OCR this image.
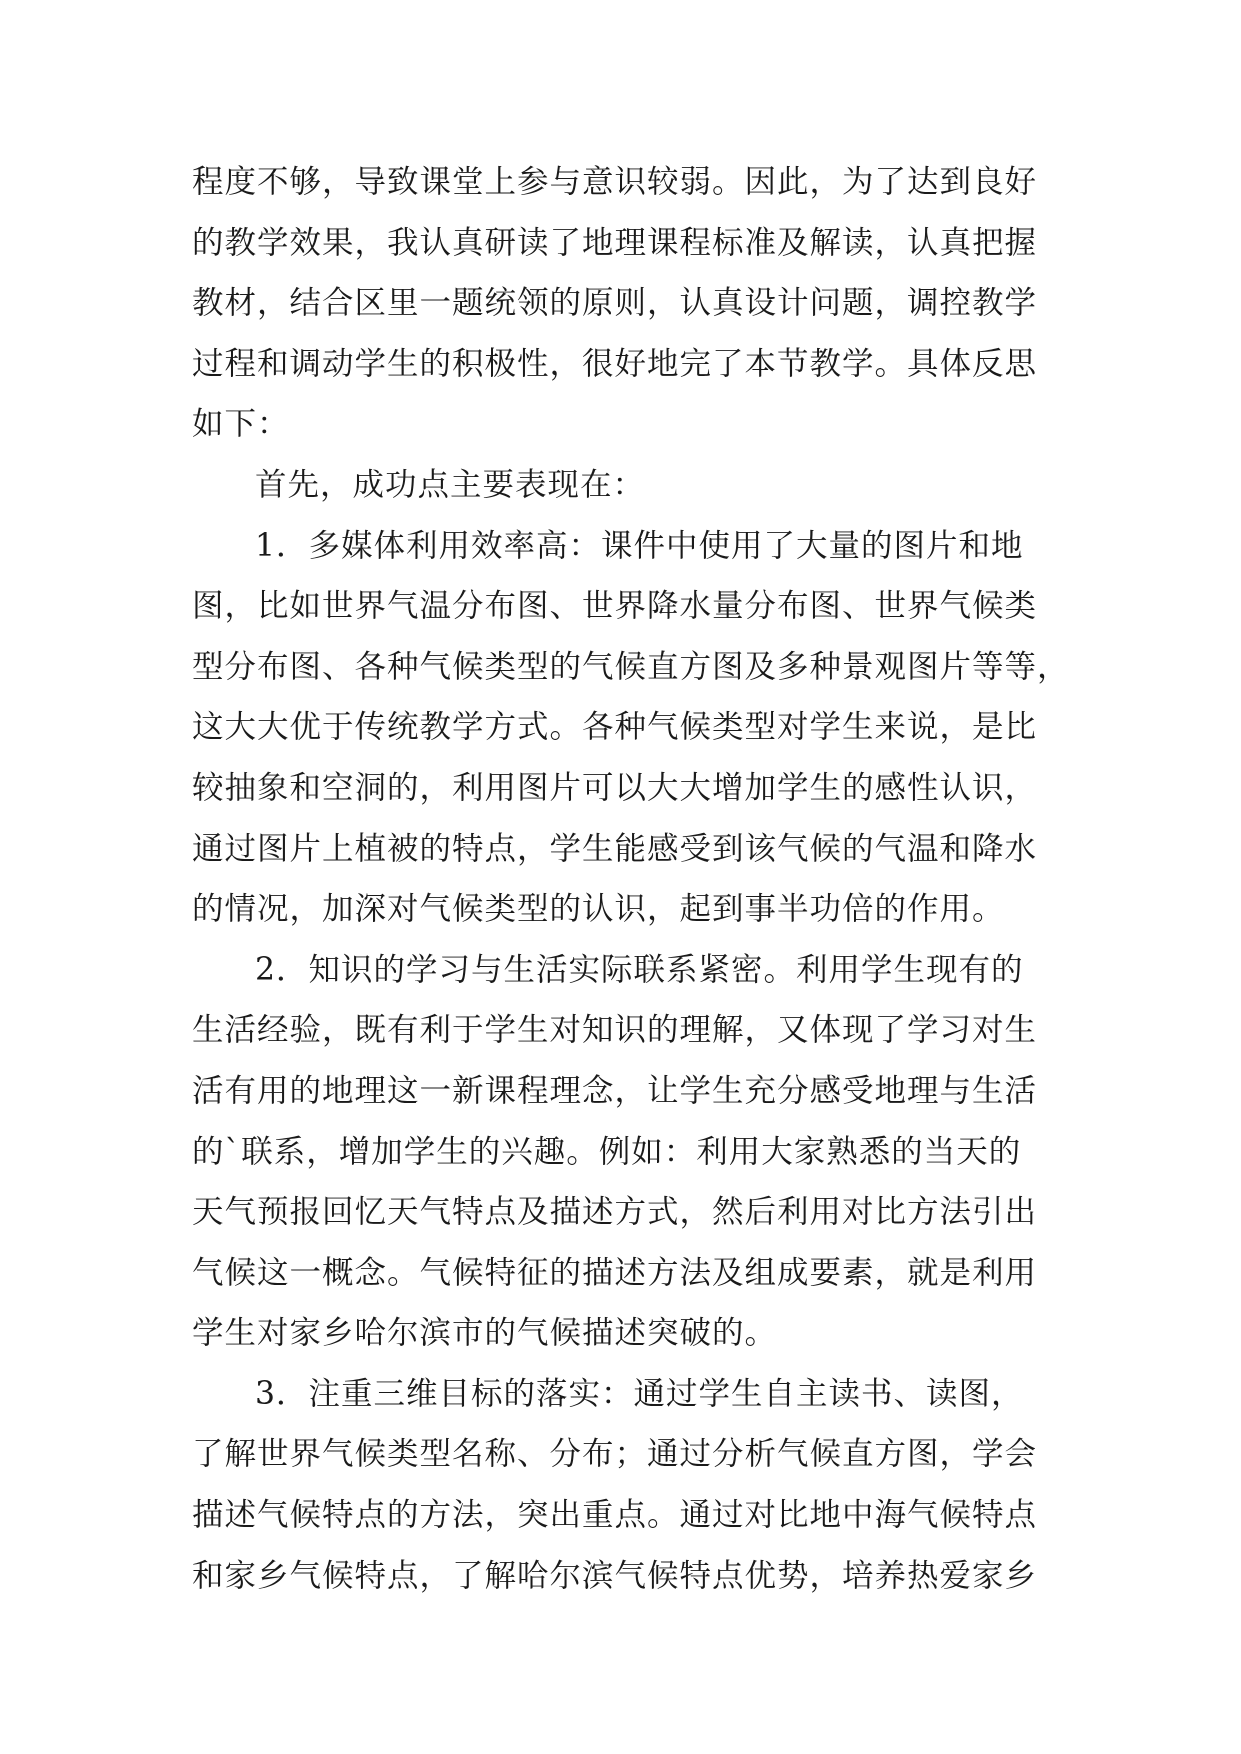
程度不够，导致课堂上参与意识较弱。因此，为了达到良好
的教学效果，我认真研读了地理课程标准及解读，认真把握
教材，结合区里一题统领的原则，认真设计问题，调控教学
过程和调动学生的积极性，很好地完了本节教学。具体反思
如下：
首先，成功点主要表现在：
1．多媒体利用效率高：课件中使用了大量的图片和地
图，比如世界气温分布图、世界降水量分布图、世界气候类
型分布图、各种气候类型的气候直方图及多种景观图片等等，
这大大优于传统教学方式。各种气候类型对学生来说，是比
较抽象和空洞的，利用图片可以大大增加学生的感性认识，
通过图片上植被的特点，学生能感受到该气候的气温和降水
的情况，加深对气候类型的认识，起到事半功倍的作用。
2．知识的学习与生活实际联系紧密。利用学生现有的
生活经验，既有利于学生对知识的理解，又体现了学习对生
活有用的地理这一新课程理念，让学生充分感受地理与生活
的`联系，增加学生的兴趣。例如：利用大家熟悉的当天的
天气预报回忆天气特点及描述方式，然后利用对比方法引出
气候这一概念。气候特征的描述方法及组成要素，就是利用
学生对家乡哈尔滨市的气候描述突破的。
3．注重三维目标的落实：通过学生自主读书、读图，
了解世界气候类型名称、分布；通过分析气候直方图，学会
描述气候特点的方法，突出重点。通过对比地中海气候特点
和家乡气候特点，了解哈尔滨气候特点优势，培养热爱家乡
